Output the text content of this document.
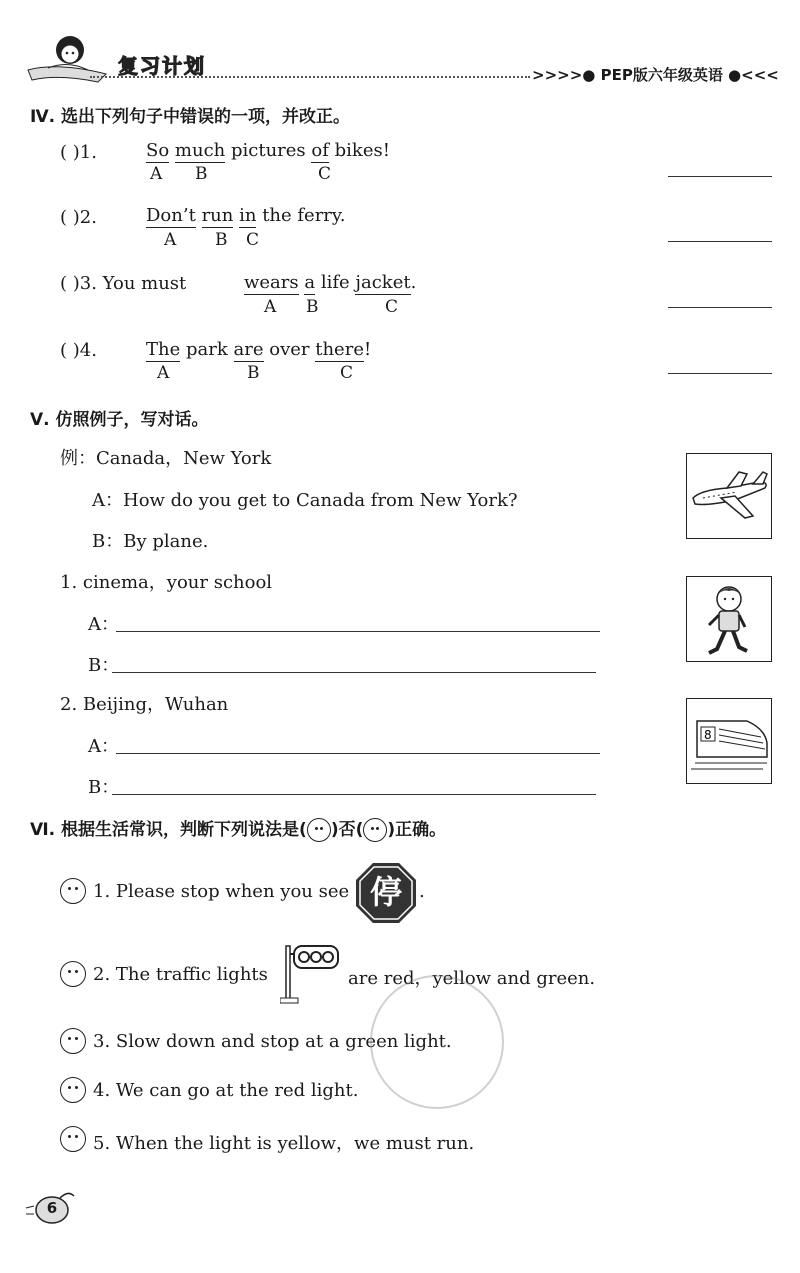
复习计划	>>>>● PEP版六年级英语 ●<<<
Ⅳ. 选出下列句子中错误的一项，并改正。
( )1.	So much pictures of bikes!
A B	C
( )2.	Don’t run in the ferry.
A B C
( )3. You must	wears a life jacket.
A B	C
( )4.	The park are over there!
A	B	C
Ⅴ. 仿照例子，写对话。
例：Canada，New York
A：How do you get to Canada from New York?
B：By plane.
1. cinema，your school
A：
B：
2. Beijing，Wuhan
A：
B：
8
Ⅵ. 根据生活常识，判断下列说法是( )否( )正确。
1. Please stop when you see 停 .
2. The traffic lights	are red，yellow and green.
3. Slow down and stop at a green light.
4. We can go at the red light.
5. When the light is yellow，we must run.
6
